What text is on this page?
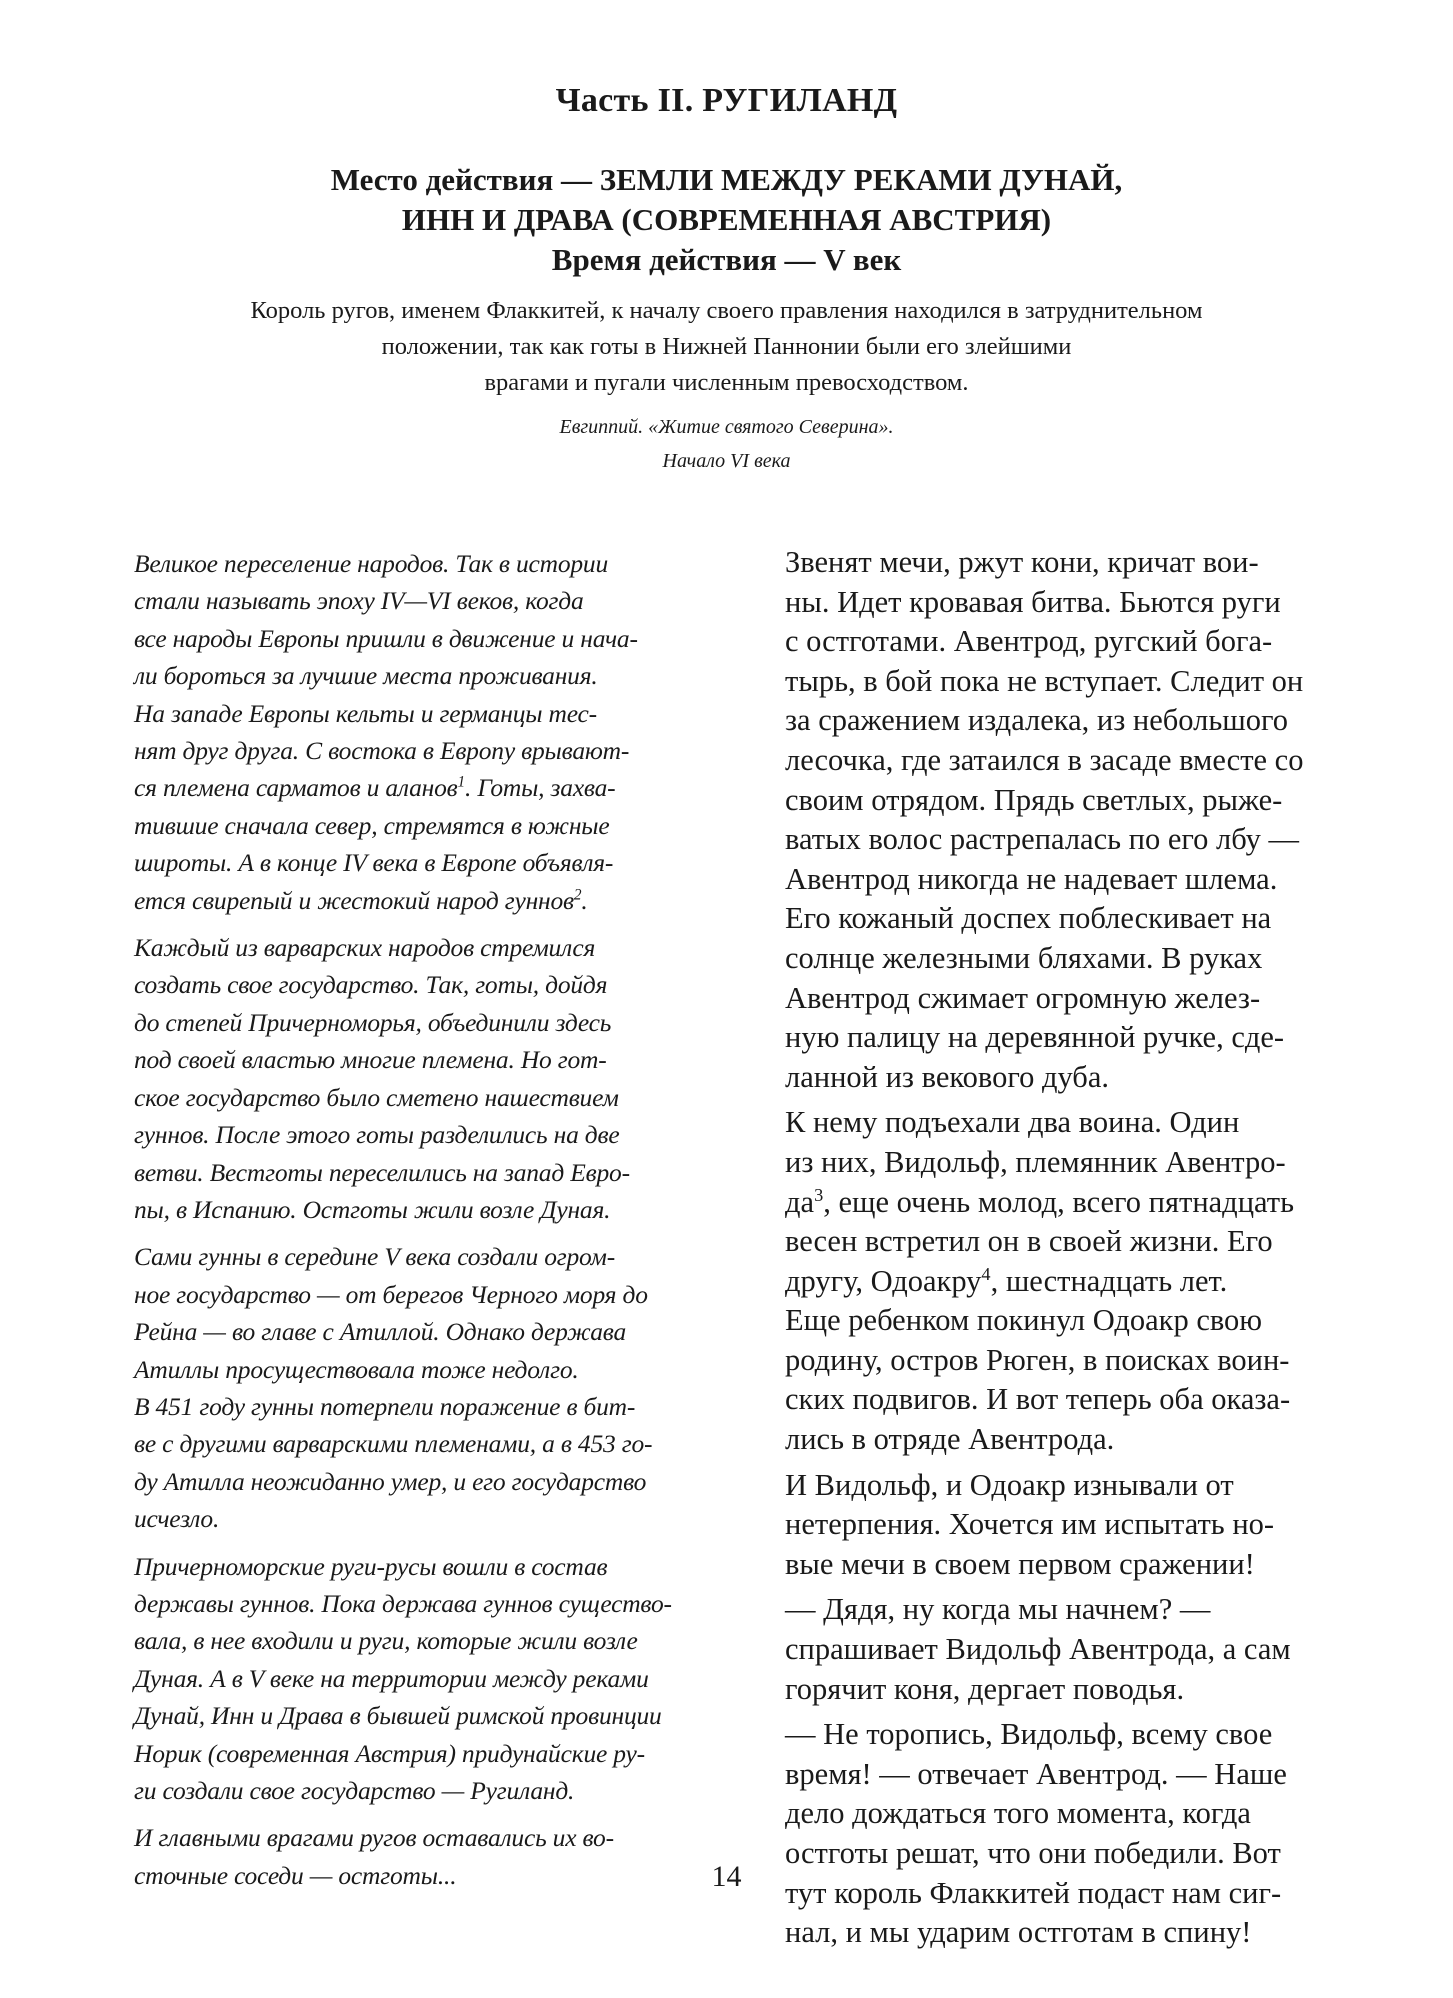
Часть II. РУГИЛАНД
Место действия — ЗЕМЛИ МЕЖДУ РЕКАМИ ДУНАЙ,
ИНН И ДРАВА (СОВРЕМЕННАЯ АВСТРИЯ)
Время действия — V век
Король ругов, именем Флаккитей, к началу своего правления находился в затруднительном
положении, так как готы в Нижней Паннонии были его злейшими
врагами и пугали численным превосходством.
Евгиппий. «Житие святого Северина».
Начало VI века
Великое переселение народов. Так в истории
стали называть эпоху IV—VI веков, когда
все народы Европы пришли в движение и нача-
ли бороться за лучшие места проживания.
На западе Европы кельты и германцы тес-
нят друг друга. С востока в Европу врывают-
ся племена сарматов и аланов$^1$. Готы, захва-
тившие сначала север, стремятся в южные
широты. А в конце IV века в Европе объявля-
ется свирепый и жестокий народ гуннов$^2$.
Каждый из варварских народов стремился
создать свое государство. Так, готы, дойдя
до степей Причерноморья, объединили здесь
под своей властью многие племена. Но гот-
ское государство было сметено нашествием
гуннов. После этого готы разделились на две
ветви. Вестготы переселились на запад Евро-
пы, в Испанию. Остготы жили возле Дуная.
Сами гунны в середине V века создали огром-
ное государство — от берегов Черного моря до
Рейна — во главе с Атиллой. Однако держава
Атиллы просуществовала тоже недолго.
В 451 году гунны потерпели поражение в бит-
ве с другими варварскими племенами, а в 453 го-
ду Атилла неожиданно умер, и его государство
исчезло.
Причерноморские руги-русы вошли в состав
державы гуннов. Пока держава гуннов существо-
вала, в нее входили и руги, которые жили возле
Дуная. А в V веке на территории между реками
Дунай, Инн и Драва в бывшей римской провинции
Норик (современная Австрия) придунайские ру-
ги создали свое государство — Ругиланд.
И главными врагами ругов оставались их во-
сточные соседи — остготы...
Звенят мечи, ржут кони, кричат вои-
ны. Идет кровавая битва. Бьются руги
с остготами. Авентрод, ругский бога-
тырь, в бой пока не вступает. Следит он
за сражением издалека, из небольшого
лесочка, где затаился в засаде вместе со
своим отрядом. Прядь светлых, рыже-
ватых волос растрепалась по его лбу —
Авентрод никогда не надевает шлема.
Его кожаный доспех поблескивает на
солнце железными бляхами. В руках
Авентрод сжимает огромную желез-
ную палицу на деревянной ручке, сде-
ланной из векового дуба.
К нему подъехали два воина. Один
из них, Видольф, племянник Авентро-
$да^3$, еще очень молод, всего пятнадцать
весен встретил он в своей жизни. Его
другу, Одоакру$^4$, шестнадцать лет.
Еще ребенком покинул Одоакр свою
родину, остров Рюген, в поисках воин-
ских подвигов. И вот теперь оба оказа-
лись в отряде Авентрода.
И Видольф, и Одоакр изнывали от
нетерпения. Хочется им испытать но-
вые мечи в своем первом сражении!
— Дядя, ну когда мы начнем? —
спрашивает Видольф Авентрода, а сам
горячит коня, дергает поводья.
— Не торопись, Видольф, всему свое
время! — отвечает Авентрод. — Наше
дело дождаться того момента, когда
остготы решат, что они победили. Вот
тут король Флаккитей подаст нам сиг-
нал, и мы ударим остготам в спину!
14
